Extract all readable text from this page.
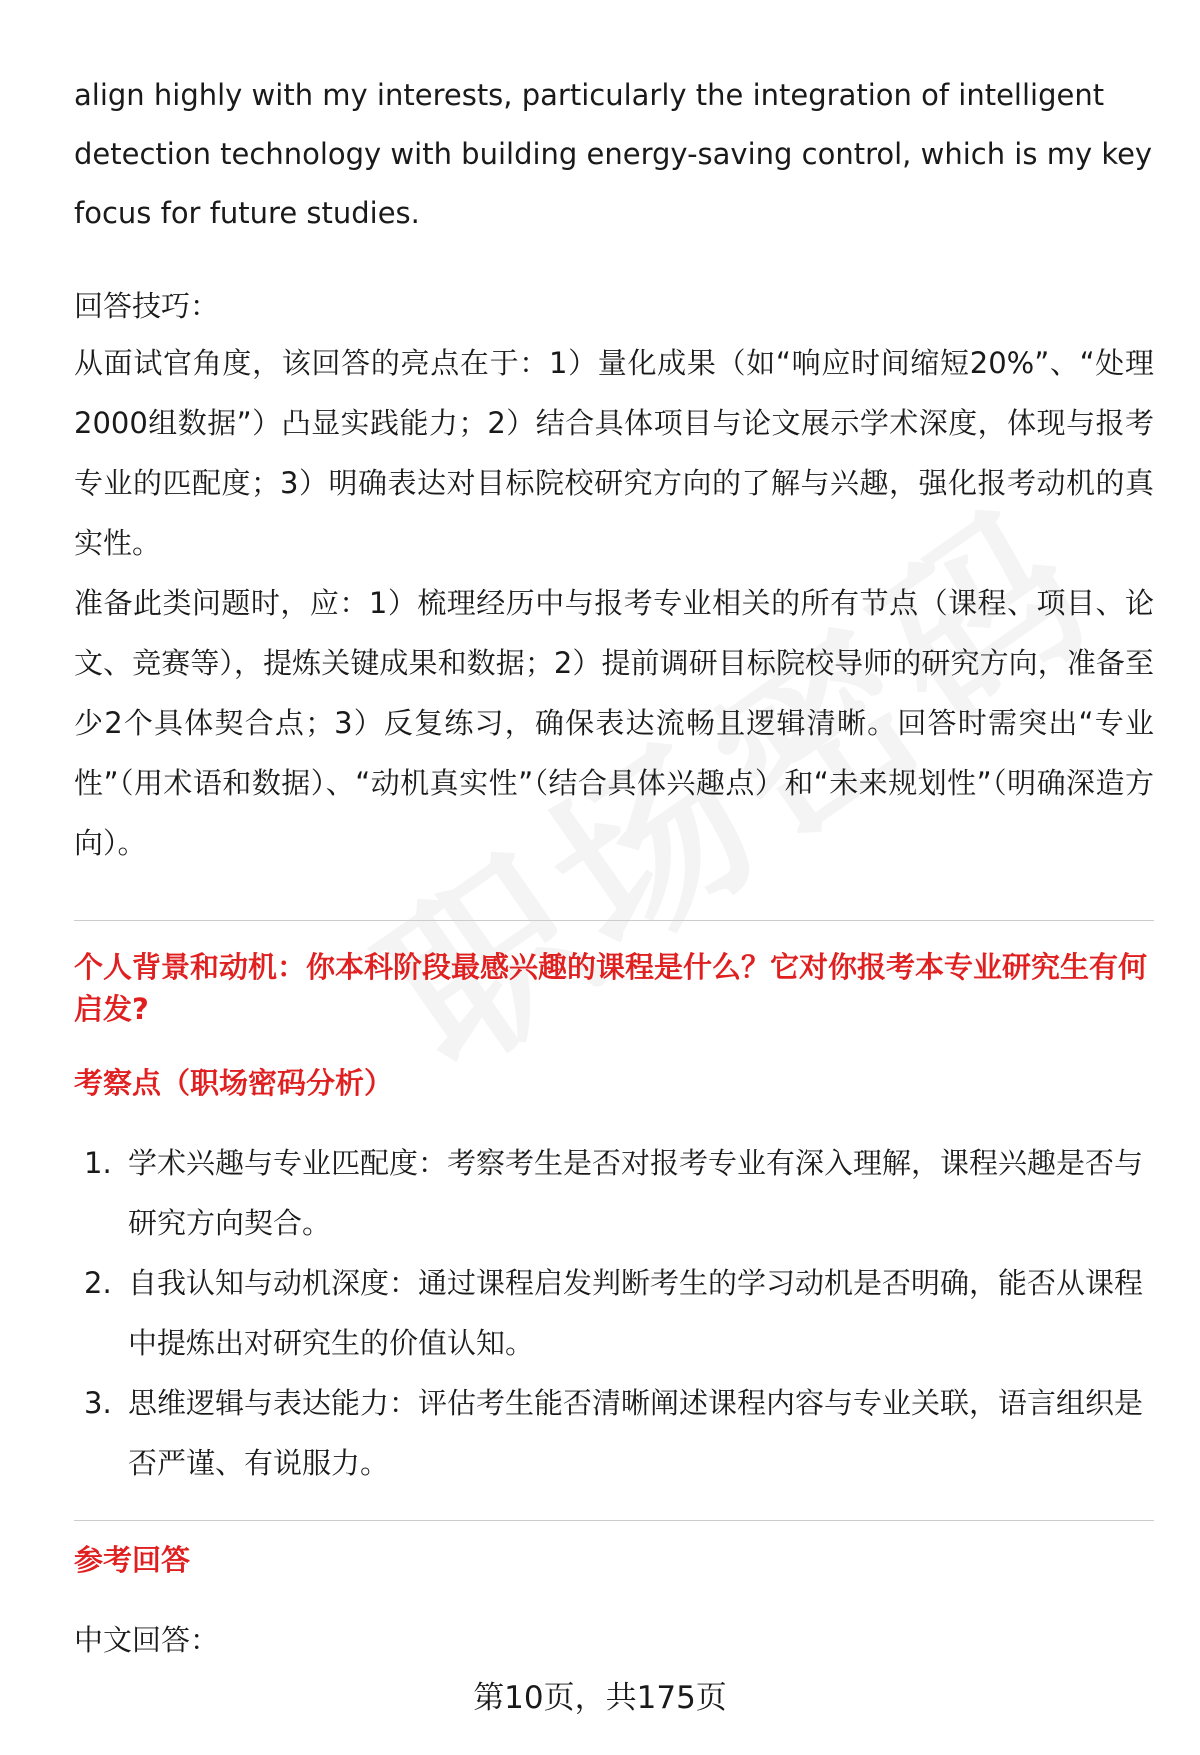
align highly with my interests, particularly the integration of intelligent detection technology with building energy-saving control, which is my key focus for future studies.

回答技巧：

从面试官角度，该回答的亮点在于：1）量化成果（如“响应时间缩短20%”、“处理2000组数据”）凸显实践能力；2）结合具体项目与论文展示学术深度，体现与报考专业的匹配度；3）明确表达对目标院校研究方向的了解与兴趣，强化报考动机的真实性。

准备此类问题时，应：1）梳理经历中与报考专业相关的所有节点（课程、项目、论文、竞赛等），提炼关键成果和数据；2）提前调研目标院校导师的研究方向，准备至少2个具体契合点；3）反复练习，确保表达流畅且逻辑清晰。回答时需突出“专业性”（用术语和数据）、“动机真实性”（结合具体兴趣点）和“未来规划性”（明确深造方向）。

个人背景和动机：你本科阶段最感兴趣的课程是什么？它对你报考本专业研究生有何启发?

考察点（职场密码分析）

1. 学术兴趣与专业匹配度：考察考生是否对报考专业有深入理解，课程兴趣是否与研究方向契合。
2. 自我认知与动机深度：通过课程启发判断考生的学习动机是否明确，能否从课程中提炼出对研究生的价值认知。
3. 思维逻辑与表达能力：评估考生能否清晰阐述课程内容与专业关联，语言组织是否严谨、有说服力。

参考回答

中文回答：

第10页，共175页
